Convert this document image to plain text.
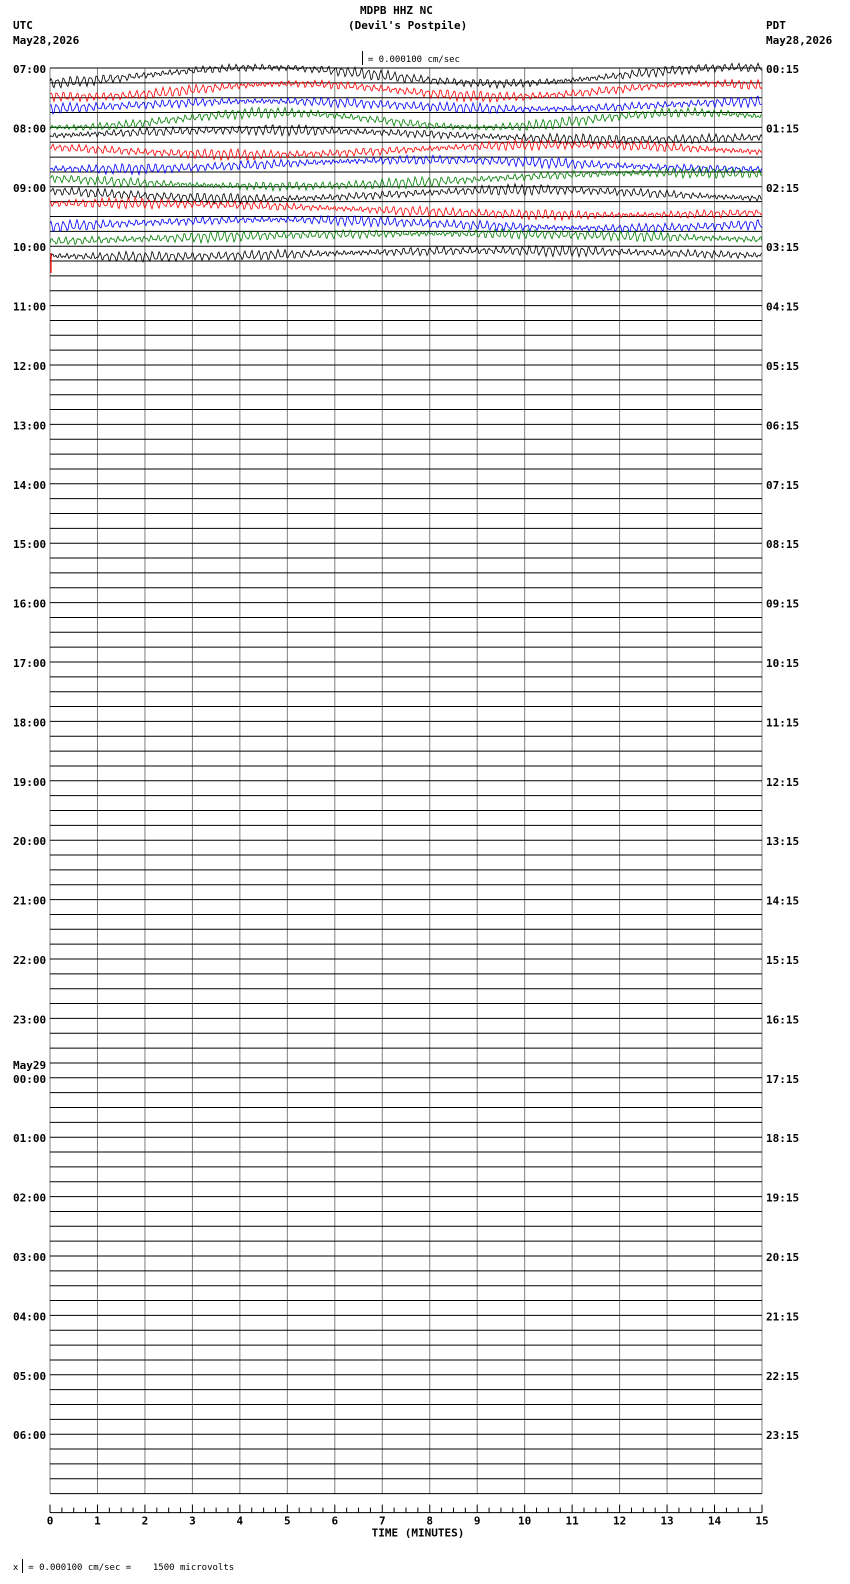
07:00
08:00
09:00
10:00
11:00
12:00
13:00
14:00
15:00
16:00
17:00
18:00
19:00
20:00
21:00
22:00
23:00
May29
00:00
01:00
02:00
03:00
04:00
05:00
06:00
00:15
01:15
02:15
03:15
04:15
05:15
06:15
07:15
08:15
09:15
10:15
11:15
12:15
13:15
14:15
15:15
16:15
17:15
18:15
19:15
20:15
21:15
22:15
23:15
0	1	2	3	4	5	6	7	8	9	10	11	12	13	14	15
TIME (MINUTES)
MDPB HHZ NC
(Devil's Postpile)

= 0.000100 cm/sec

UTC
May28,2026
PDT
May28,2026

x = 0.000100 cm/sec =    1500 microvolts
